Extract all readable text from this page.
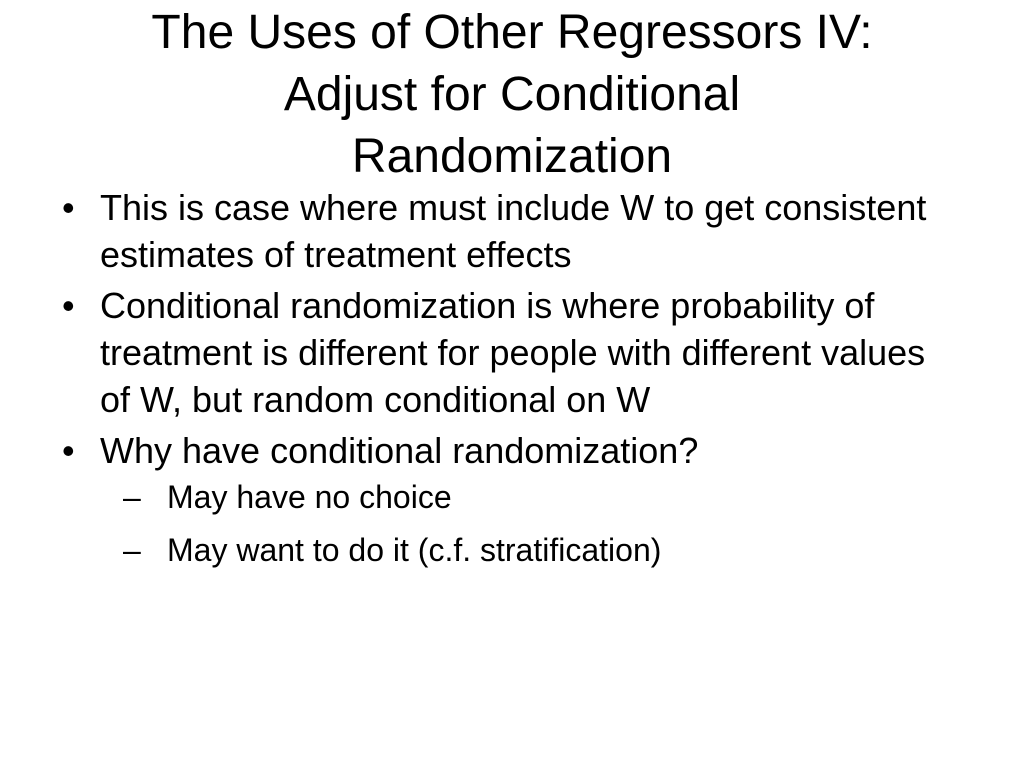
The Uses of Other Regressors IV:
Adjust for Conditional
Randomization
• This is case where must include W to get consistent estimates of treatment effects
• Conditional randomization is where probability of treatment is different for people with different values of W, but random conditional on W
• Why have conditional randomization?
– May have no choice
– May want to do it (c.f. stratification)
